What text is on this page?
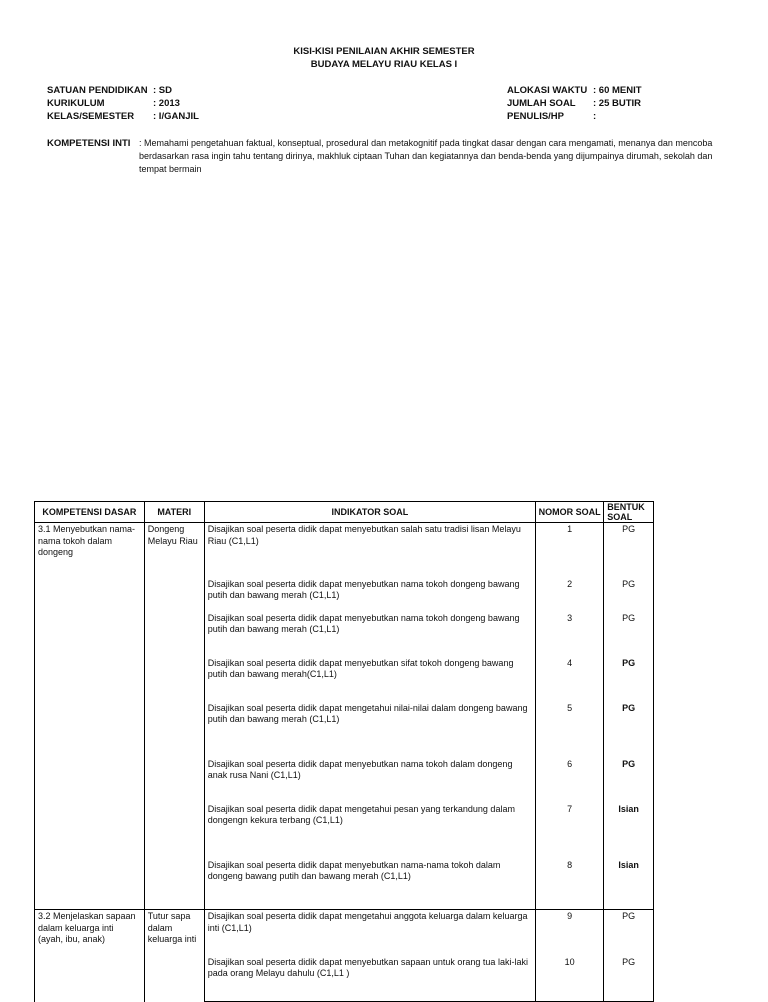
KISI-KISI PENILAIAN AKHIR SEMESTER
BUDAYA MELAYU RIAU KELAS I
SATUAN PENDIDIKAN : SD
KURIKULUM	: 2013
KELAS/SEMESTER	: I/GANJIL
ALOKASI WAKTU : 60 MENIT
JUMLAH SOAL	: 25 BUTIR
PENULIS/HP	:
KOMPETENSI INTI : Memahami pengetahuan faktual, konseptual, prosedural dan metakognitif pada tingkat dasar dengan cara mengamati, menanya dan mencoba berdasarkan rasa ingin tahu tentang dirinya, makhluk ciptaan Tuhan dan kegiatannya dan benda-benda yang dijumpainya dirumah, sekolah dan tempat bermain
KOMPETENSI DASAR	MATERI	INDIKATOR SOAL	NOMOR SOAL	BENTUK SOAL
3.1 Menyebutkan nama-nama tokoh dalam dongeng	Dongeng Melayu Riau	Disajikan soal peserta didik dapat menyebutkan salah satu tradisi lisan Melayu Riau (C1,L1)	1	PG
		Disajikan soal peserta didik dapat menyebutkan nama tokoh dongeng bawang putih dan bawang merah (C1,L1)	2	PG
		Disajikan soal peserta didik dapat menyebutkan nama tokoh dongeng bawang putih dan bawang merah (C1,L1)	3	PG
		Disajikan soal peserta didik dapat menyebutkan sifat tokoh dongeng bawang putih dan bawang merah(C1,L1)	4	PG
		Disajikan soal peserta didik dapat mengetahui nilai-nilai dalam dongeng bawang putih dan bawang merah (C1,L1)	5	PG
		Disajikan soal peserta didik dapat menyebutkan nama tokoh dalam dongeng anak rusa Nani (C1,L1)	6	PG
		Disajikan soal peserta didik dapat mengetahui pesan yang terkandung dalam dongengn kekura terbang (C1,L1)	7	Isian
		Disajikan soal peserta didik dapat menyebutkan nama-nama tokoh dalam dongeng bawang putih dan bawang merah (C1,L1)	8	Isian
3.2 Menjelaskan sapaan dalam keluarga inti (ayah, ibu, anak)	Tutur sapa dalam keluarga inti	Disajikan soal peserta didik dapat mengetahui anggota keluarga dalam keluarga inti (C1,L1)	9	PG
		Disajikan soal peserta didik dapat menyebutkan sapaan untuk orang tua laki-laki pada orang Melayu dahulu (C1,L1 )	10	PG
